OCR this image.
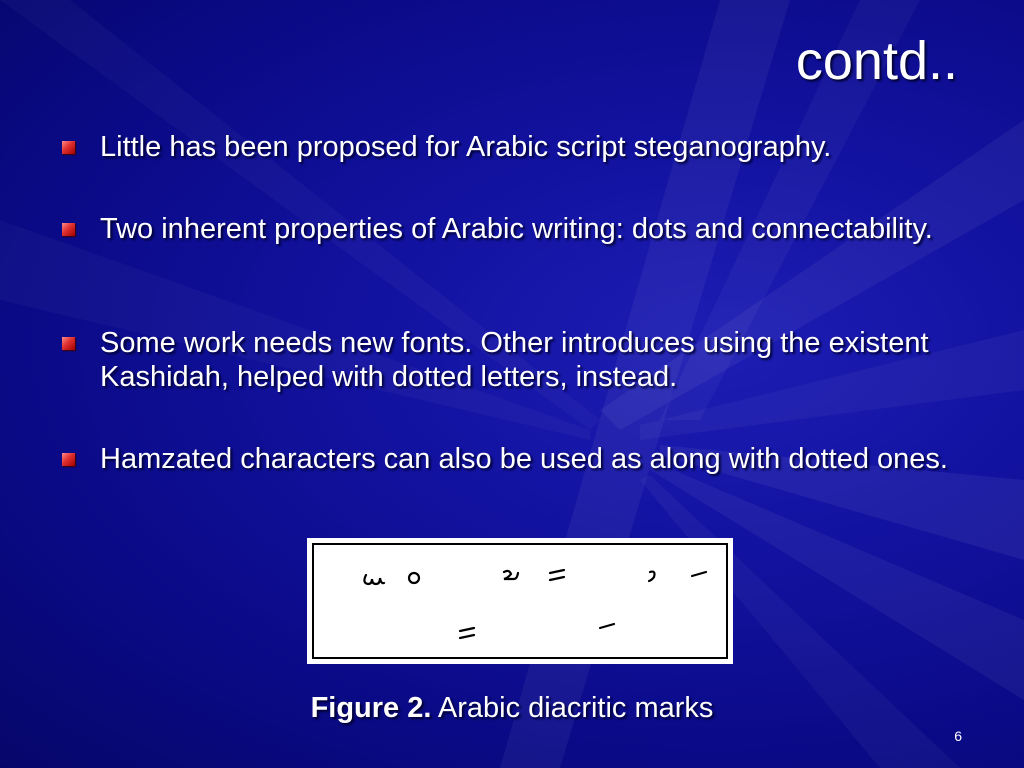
contd..
Little has been proposed for Arabic script steganography.
Two inherent properties of Arabic writing: dots and connectability.
Some work needs new fonts. Other introduces using the existent Kashidah, helped with dotted letters, instead.
Hamzated characters can also be used as along with dotted ones.
Figure 2. Arabic diacritic marks
6
